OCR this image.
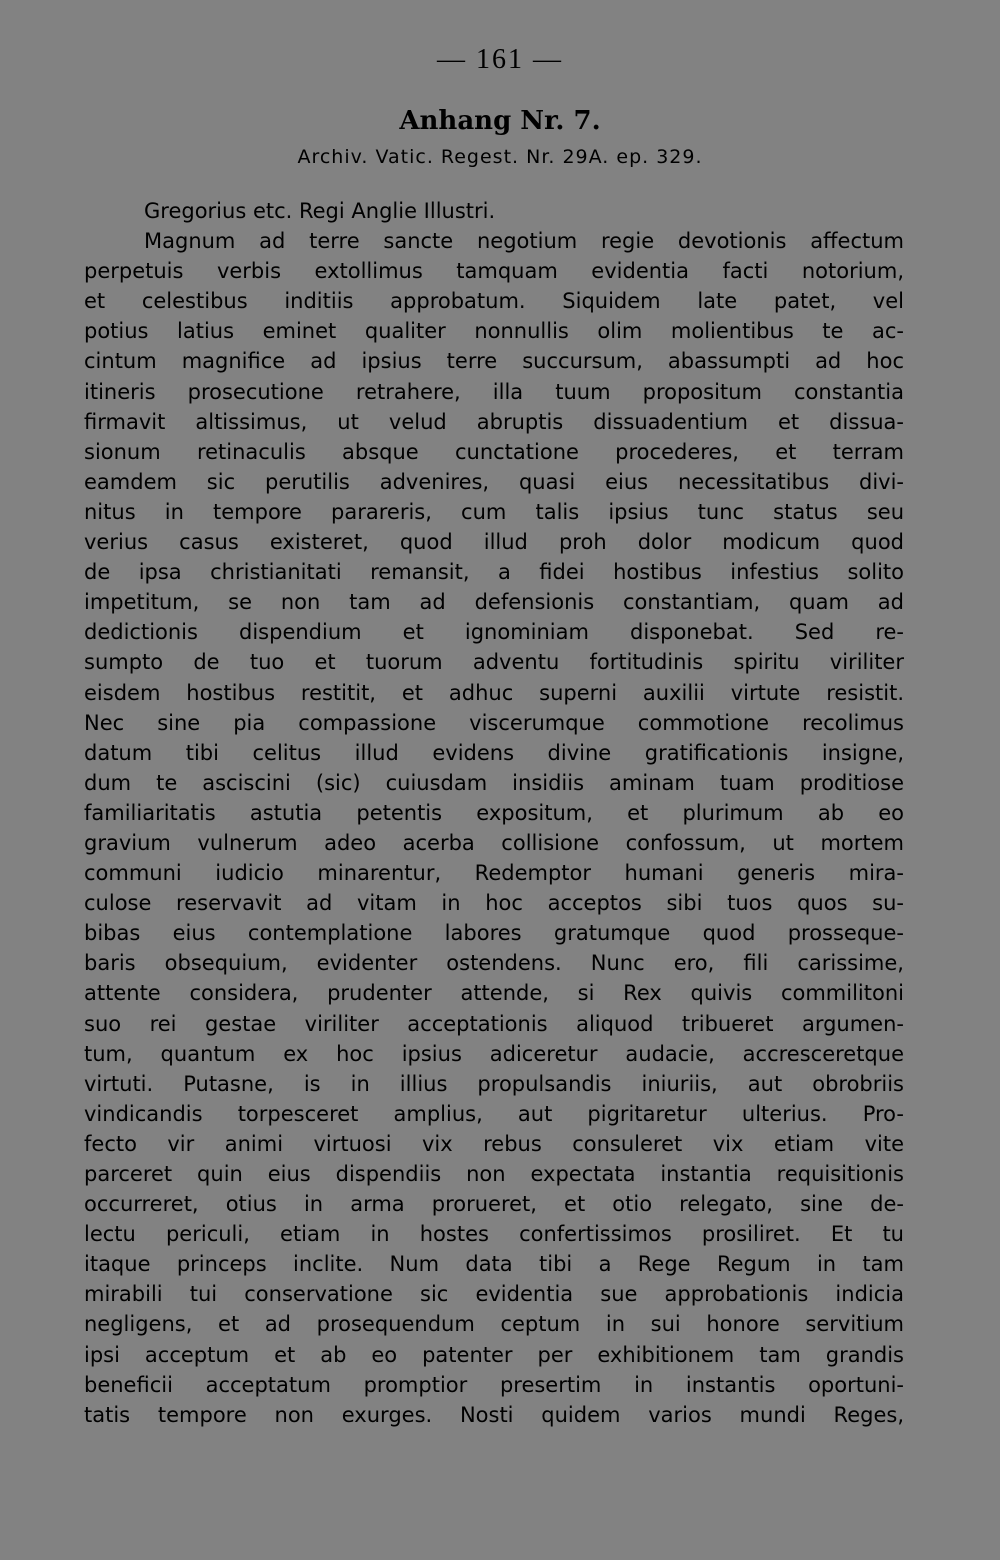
— 161 —
Anhang Nr. 7.
Archiv. Vatic. Regest. Nr. 29A. ep. 329.
Gregorius etc. Regi Anglie Illustri.
Magnum ad terre sancte negotium regie devotionis affectum
perpetuis verbis extollimus tamquam evidentia facti notorium,
et celestibus inditiis approbatum. Siquidem late patet, vel
potius latius eminet qualiter nonnullis olim molientibus te ac-
cintum magnifice ad ipsius terre succursum, abassumpti ad hoc
itineris prosecutione retrahere, illa tuum propositum constantia
firmavit altissimus, ut velud abruptis dissuadentium et dissua-
sionum retinaculis absque cunctatione procederes, et terram
eamdem sic perutilis advenires, quasi eius necessitatibus divi-
nitus in tempore parareris, cum talis ipsius tunc status seu
verius casus existeret, quod illud proh dolor modicum quod
de ipsa christianitati remansit, a fidei hostibus infestius solito
impetitum, se non tam ad defensionis constantiam, quam ad
dedictionis dispendium et ignominiam disponebat. Sed re-
sumpto de tuo et tuorum adventu fortitudinis spiritu viriliter
eisdem hostibus restitit, et adhuc superni auxilii virtute resistit.
Nec sine pia compassione viscerumque commotione recolimus
datum tibi celitus illud evidens divine gratificationis insigne,
dum te asciscini (sic) cuiusdam insidiis aminam tuam proditiose
familiaritatis astutia petentis expositum, et plurimum ab eo
gravium vulnerum adeo acerba collisione confossum, ut mortem
communi iudicio minarentur, Redemptor humani generis mira-
culose reservavit ad vitam in hoc acceptos sibi tuos quos su-
bibas eius contemplatione labores gratumque quod prosseque-
baris obsequium, evidenter ostendens. Nunc ero, fili carissime,
attente considera, prudenter attende, si Rex quivis commilitoni
suo rei gestae viriliter acceptationis aliquod tribueret argumen-
tum, quantum ex hoc ipsius adiceretur audacie, accresceretque
virtuti. Putasne, is in illius propulsandis iniuriis, aut obrobriis
vindicandis torpesceret amplius, aut pigritaretur ulterius. Pro-
fecto vir animi virtuosi vix rebus consuleret vix etiam vite
parceret quin eius dispendiis non expectata instantia requisitionis
occurreret, otius in arma prorueret, et otio relegato, sine de-
lectu periculi, etiam in hostes confertissimos prosiliret. Et tu
itaque princeps inclite. Num data tibi a Rege Regum in tam
mirabili tui conservatione sic evidentia sue approbationis indicia
negligens, et ad prosequendum ceptum in sui honore servitium
ipsi acceptum et ab eo patenter per exhibitionem tam grandis
beneficii acceptatum promptior presertim in instantis oportuni-
tatis tempore non exurges. Nosti quidem varios mundi Reges,
